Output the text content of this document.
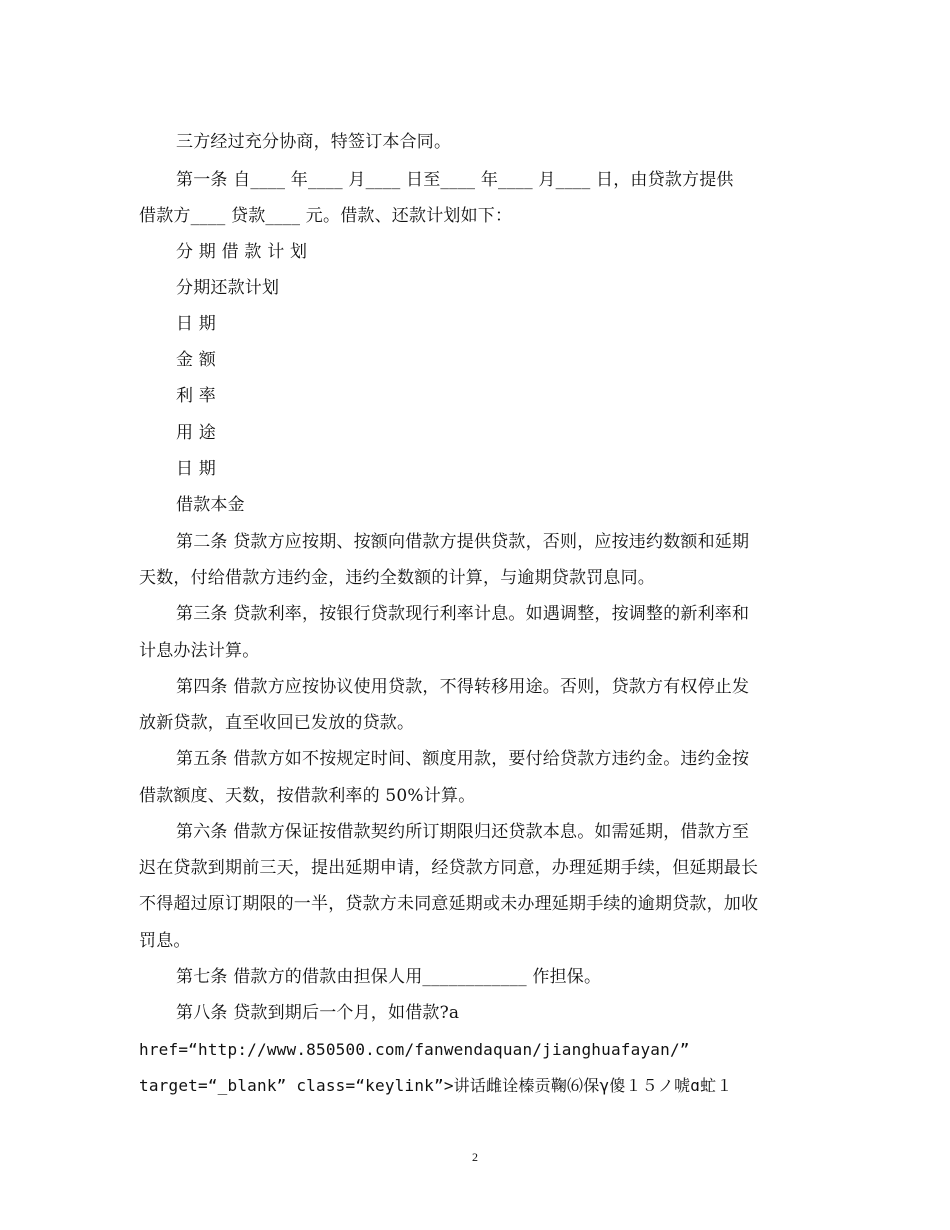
三方经过充分协商，特签订本合同。
第一条 自____ 年____ 月____ 日至____ 年____ 月____ 日，由贷款方提供
借款方____ 贷款____ 元。借款、还款计划如下：
分 期 借 款 计 划
分期还款计划
日 期
金 额
利 率
用 途
日 期
借款本金
第二条 贷款方应按期、按额向借款方提供贷款，否则，应按违约数额和延期
天数，付给借款方违约金，违约全数额的计算，与逾期贷款罚息同。
第三条 贷款利率，按银行贷款现行利率计息。如遇调整，按调整的新利率和
计息办法计算。
第四条 借款方应按协议使用贷款，不得转移用途。否则，贷款方有权停止发
放新贷款，直至收回已发放的贷款。
第五条 借款方如不按规定时间、额度用款，要付给贷款方违约金。违约金按
借款额度、天数，按借款利率的 50%计算。
第六条 借款方保证按借款契约所订期限归还贷款本息。如需延期，借款方至
迟在贷款到期前三天，提出延期申请，经贷款方同意，办理延期手续，但延期最长
不得超过原订期限的一半，贷款方未同意延期或未办理延期手续的逾期贷款，加收
罚息。
第七条 借款方的借款由担保人用____________ 作担保。
第八条 贷款到期后一个月，如借款?a
href=“http://www.850500.com/fanwendaquan/jianghuafayan/”
target=“_blank” class=“keylink”>讲话雌诠榛贡鞠⑹保γ傻１５ノ唬ɑ虻１
2
